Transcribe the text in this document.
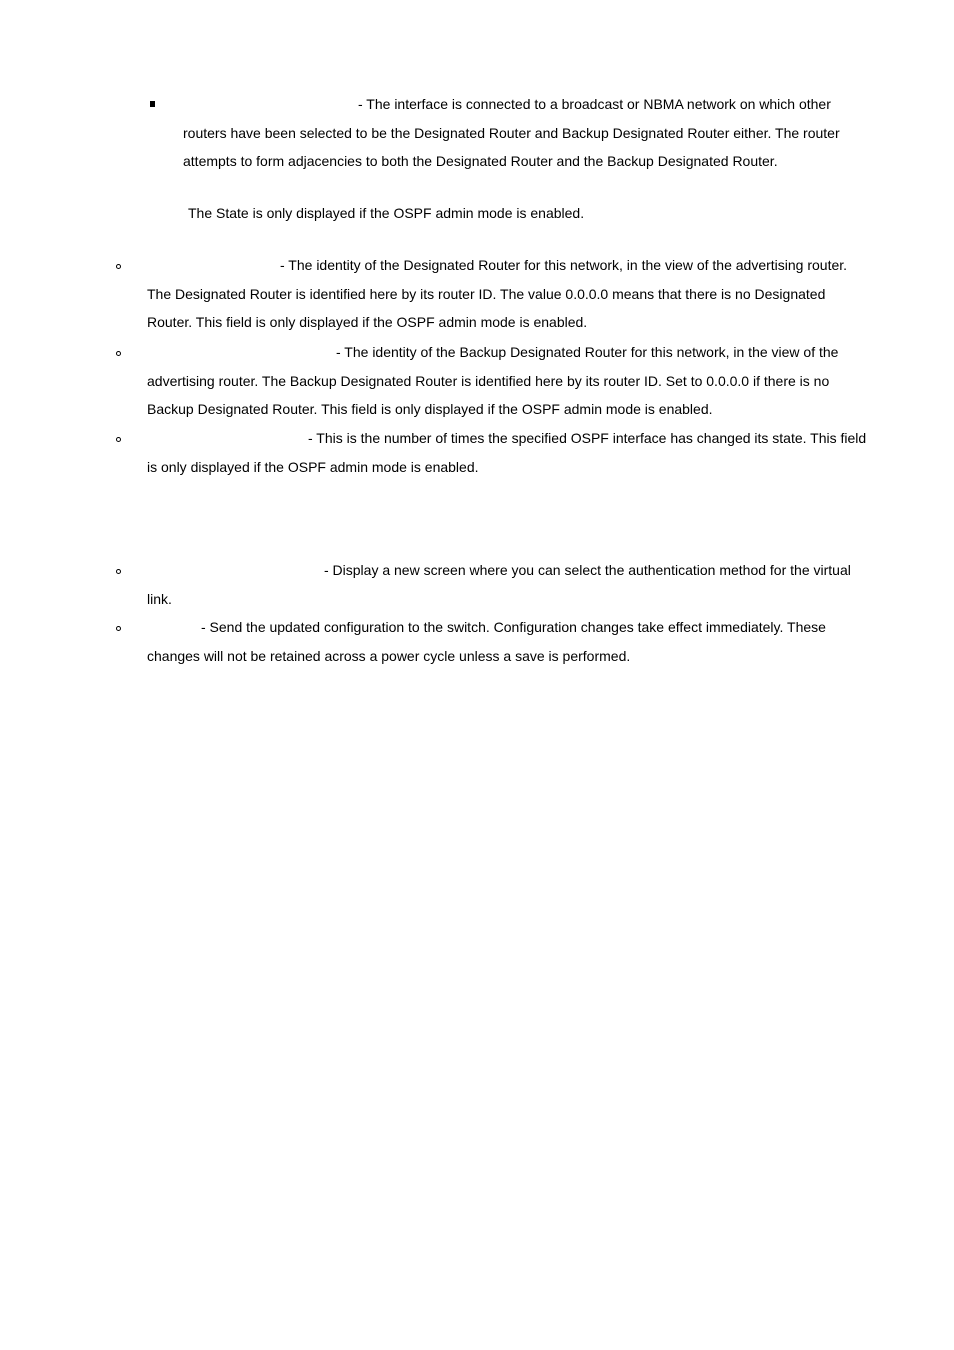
- The interface is connected to a broadcast or NBMA network on which other
routers have been selected to be the Designated Router and Backup Designated Router either. The router
attempts to form adjacencies to both the Designated Router and the Backup Designated Router.
The State is only displayed if the OSPF admin mode is enabled.
- The identity of the Designated Router for this network, in the view of the advertising router.
The Designated Router is identified here by its router ID. The value 0.0.0.0 means that there is no Designated
Router. This field is only displayed if the OSPF admin mode is enabled.
- The identity of the Backup Designated Router for this network, in the view of the
advertising router. The Backup Designated Router is identified here by its router ID. Set to 0.0.0.0 if there is no
Backup Designated Router. This field is only displayed if the OSPF admin mode is enabled.
- This is the number of times the specified OSPF interface has changed its state. This field
is only displayed if the OSPF admin mode is enabled.
- Display a new screen where you can select the authentication method for the virtual
link.
- Send the updated configuration to the switch. Configuration changes take effect immediately. These
changes will not be retained across a power cycle unless a save is performed.
